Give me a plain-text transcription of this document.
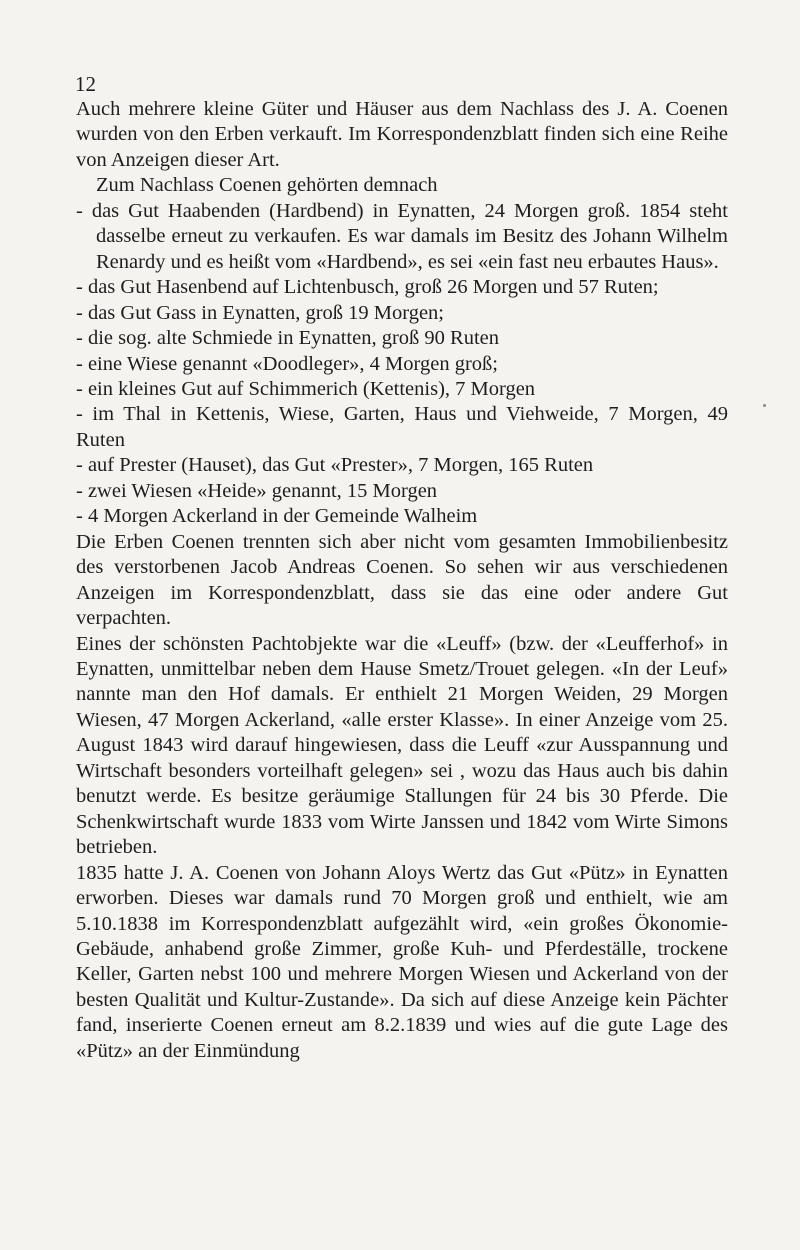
12

Auch mehrere kleine Güter und Häuser aus dem Nachlass des J. A. Coenen wurden von den Erben verkauft. Im Korrespondenzblatt finden sich eine Reihe von Anzeigen dieser Art.

Zum Nachlass Coenen gehörten demnach

- das Gut Haabenden (Hardbend) in Eynatten, 24 Morgen groß. 1854 steht dasselbe erneut zu verkaufen. Es war damals im Besitz des Johann Wilhelm Renardy und es heißt vom «Hardbend», es sei «ein fast neu erbautes Haus».

- das Gut Hasenbend auf Lichtenbusch, groß 26 Morgen und 57 Ruten;

- das Gut Gass in Eynatten, groß 19 Morgen;

- die sog. alte Schmiede in Eynatten, groß 90 Ruten

- eine Wiese genannt «Doodleger», 4 Morgen groß;

- ein kleines Gut auf Schimmerich (Kettenis), 7 Morgen

- im Thal in Kettenis, Wiese, Garten, Haus und Viehweide, 7 Morgen, 49 Ruten

- auf Prester (Hauset), das Gut «Prester», 7 Morgen, 165 Ruten

- zwei Wiesen «Heide» genannt, 15 Morgen

- 4 Morgen Ackerland in der Gemeinde Walheim

Die Erben Coenen trennten sich aber nicht vom gesamten Immobilienbesitz des verstorbenen Jacob Andreas Coenen. So sehen wir aus verschiedenen Anzeigen im Korrespondenzblatt, dass sie das eine oder andere Gut verpachten.

Eines der schönsten Pachtobjekte war die «Leuff» (bzw. der «Leufferhof» in Eynatten, unmittelbar neben dem Hause Smetz/Trouet gelegen. «In der Leuf» nannte man den Hof damals. Er enthielt 21 Morgen Weiden, 29 Morgen Wiesen, 47 Morgen Ackerland, «alle erster Klasse». In einer Anzeige vom 25. August 1843 wird darauf hingewiesen, dass die Leuff «zur Ausspannung und Wirtschaft besonders vorteilhaft gelegen» sei , wozu das Haus auch bis dahin benutzt werde. Es besitze geräumige Stallungen für 24 bis 30 Pferde. Die Schenkwirtschaft wurde 1833 vom Wirte Janssen und 1842 vom Wirte Simons betrieben.

1835 hatte J. A. Coenen von Johann Aloys Wertz das Gut «Pütz» in Eynatten erworben. Dieses war damals rund 70 Morgen groß und enthielt, wie am 5.10.1838 im Korrespondenzblatt aufgezählt wird, «ein großes Ökonomie-Gebäude, anhabend große Zimmer, große Kuh- und Pferdeställe, trockene Keller, Garten nebst 100 und mehrere Morgen Wiesen und Ackerland von der besten Qualität und Kultur-Zustande». Da sich auf diese Anzeige kein Pächter fand, inserierte Coenen erneut am 8.2.1839 und wies auf die gute Lage des «Pütz» an der Einmündung
